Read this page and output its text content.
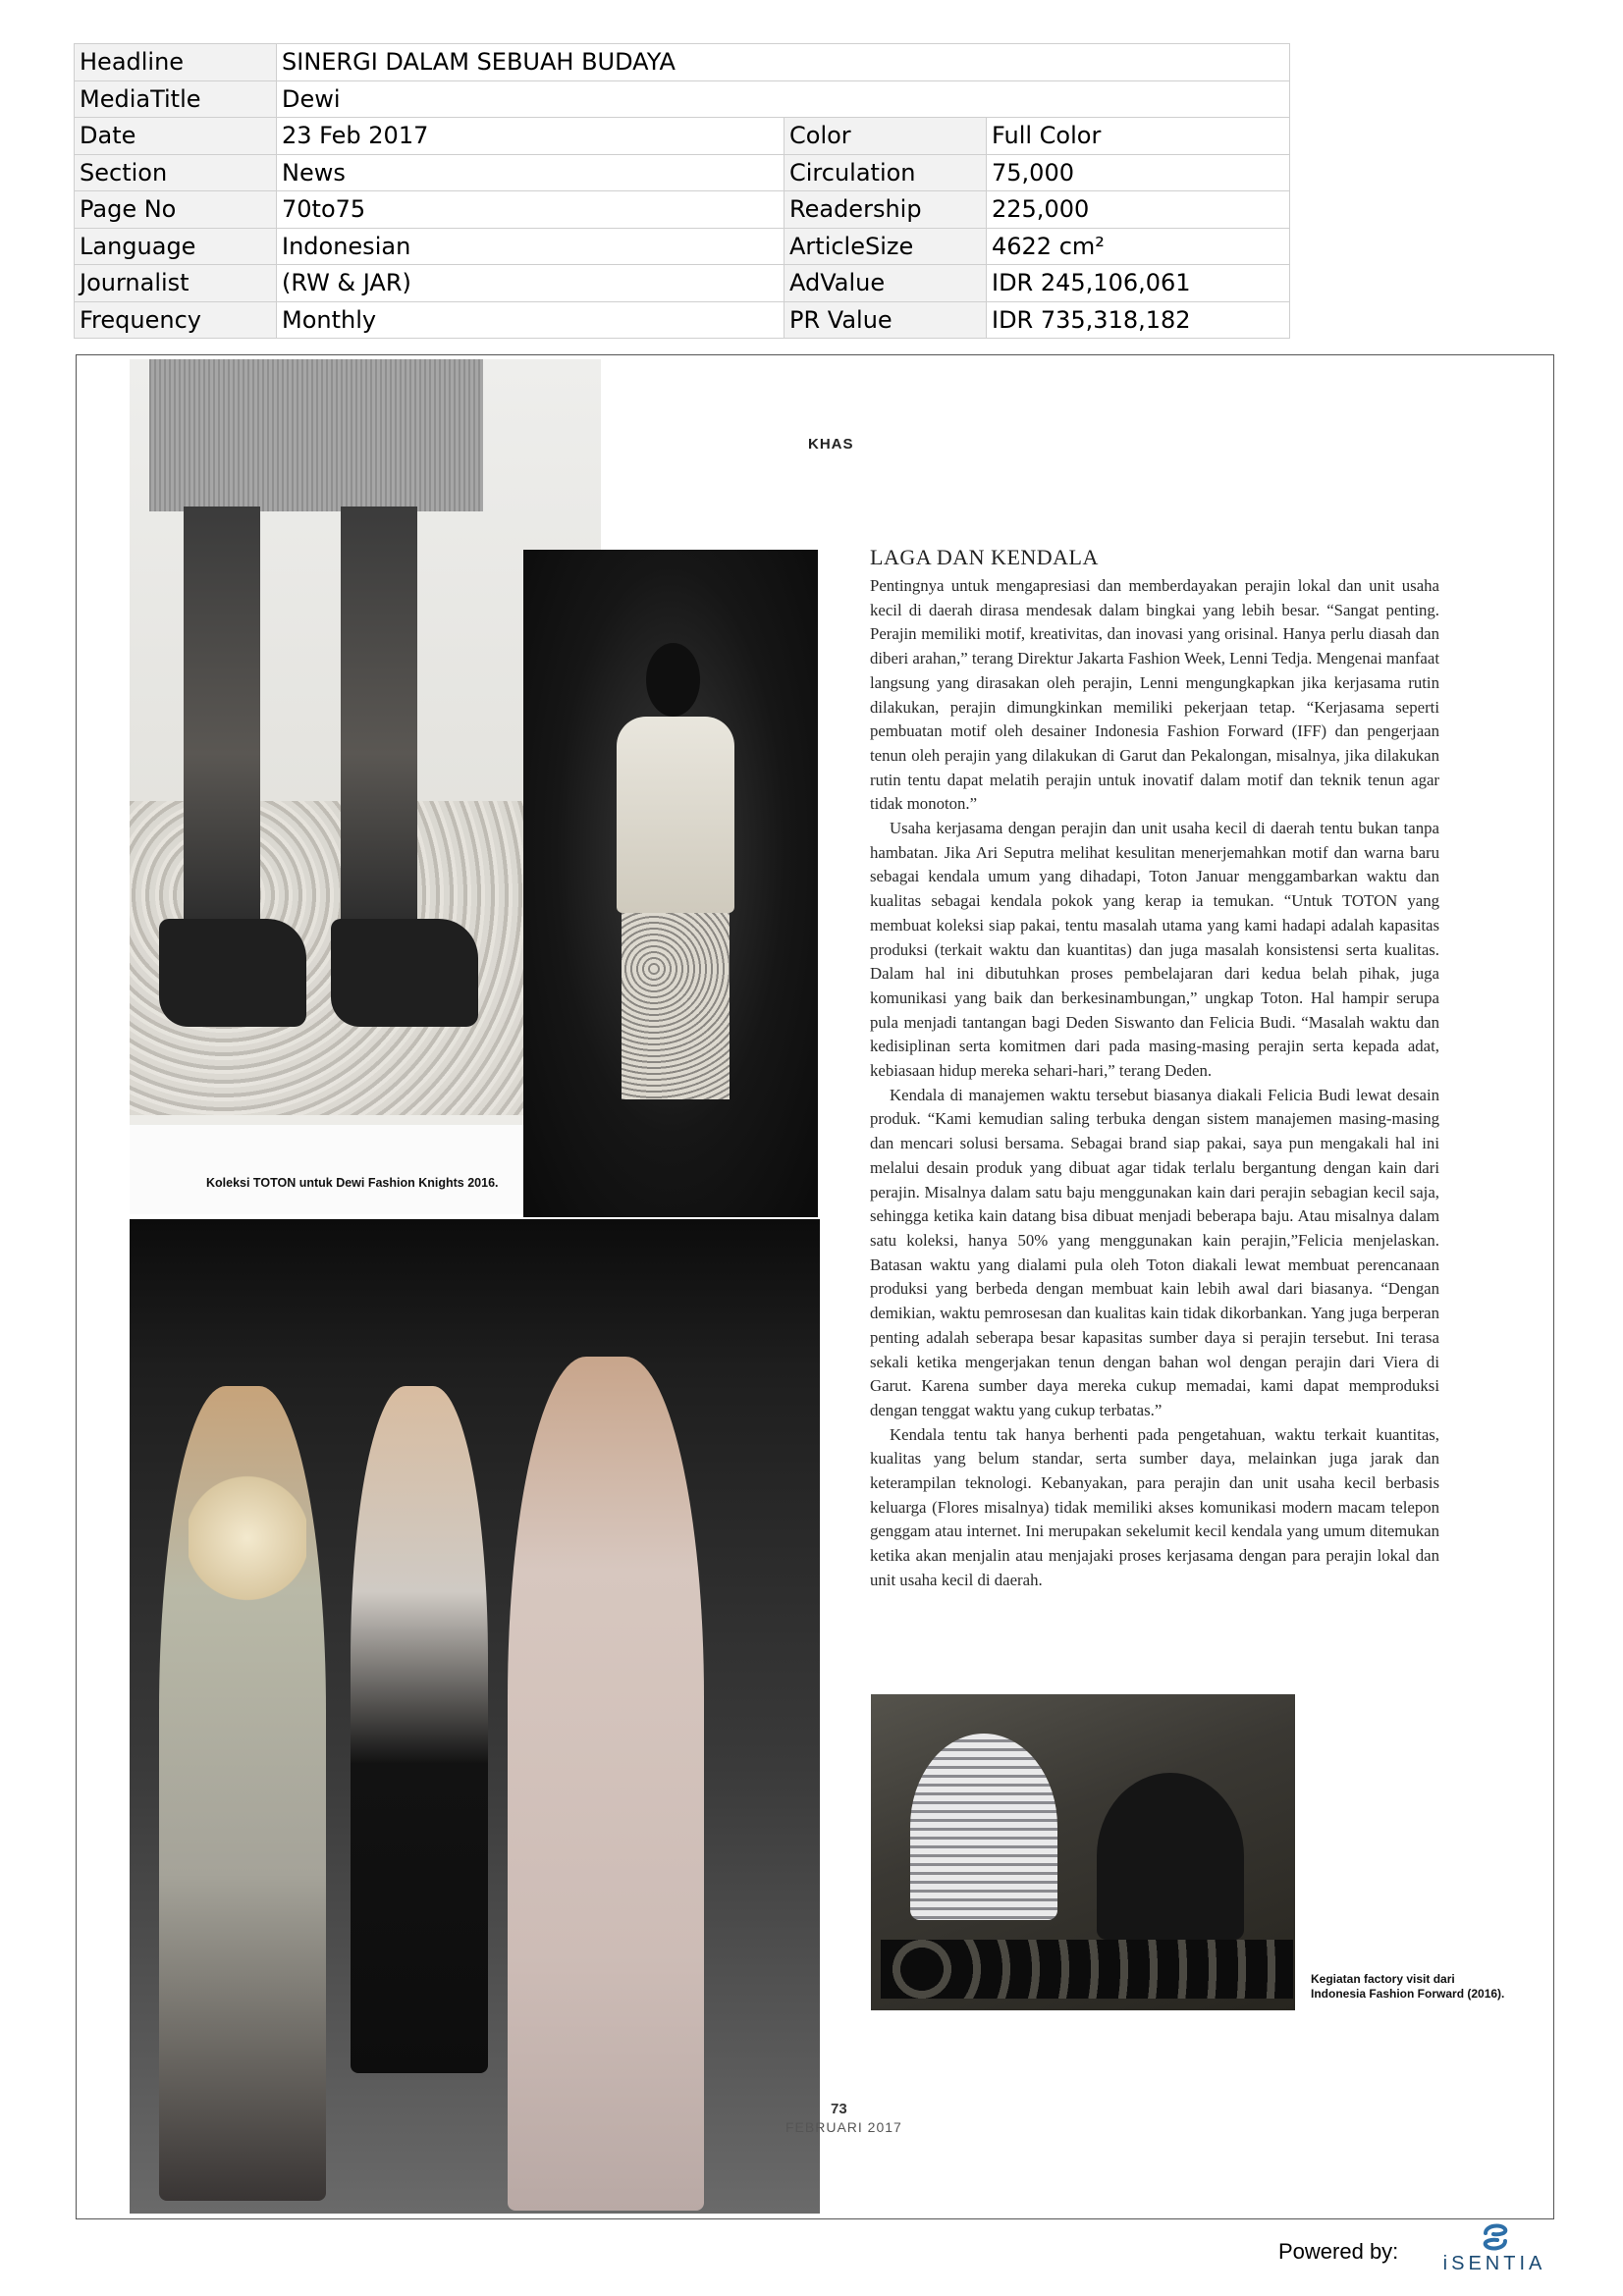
Headline	SINERGI DALAM SEBUAH BUDAYA		
MediaTitle	Dewi		
Date	23 Feb 2017	Color	Full Color
Section	News	Circulation	75,000
Page No	70to75	Readership	225,000
Language	Indonesian	ArticleSize	4622 cm²
Journalist	(RW & JAR)	AdValue	IDR 245,106,061
Frequency	Monthly	PR Value	IDR 735,318,182
Koleksi TOTON untuk Dewi Fashion Knights 2016.
KHAS
LAGA DAN KENDALA

Pentingnya untuk mengapresiasi dan memberdayakan perajin lokal dan unit usaha kecil di daerah dirasa mendesak dalam bingkai yang lebih besar. “Sangat penting. Perajin memiliki motif, kreativitas, dan inovasi yang orisinal. Hanya perlu diasah dan diberi arahan,” terang Direktur Jakarta Fashion Week, Lenni Tedja. Mengenai manfaat langsung yang dirasakan oleh perajin, Lenni mengungkapkan jika kerjasama rutin dilakukan, perajin dimungkinkan memiliki pekerjaan tetap. “Kerjasama seperti pembuatan motif oleh desainer Indonesia Fashion Forward (IFF) dan pengerjaan tenun oleh perajin yang dilakukan di Garut dan Pekalongan, misalnya, jika dilakukan rutin tentu dapat melatih perajin untuk inovatif dalam motif dan teknik tenun agar tidak monoton.”

Usaha kerjasama dengan perajin dan unit usaha kecil di daerah tentu bukan tanpa hambatan. Jika Ari Seputra melihat kesulitan menerjemahkan motif dan warna baru sebagai kendala umum yang dihadapi, Toton Januar menggambarkan waktu dan kualitas sebagai kendala pokok yang kerap ia temukan. “Untuk TOTON yang membuat koleksi siap pakai, tentu masalah utama yang kami hadapi adalah kapasitas produksi (terkait waktu dan kuantitas) dan juga masalah konsistensi serta kualitas. Dalam hal ini dibutuhkan proses pembelajaran dari kedua belah pihak, juga komunikasi yang baik dan berkesinambungan,” ungkap Toton. Hal hampir serupa pula menjadi tantangan bagi Deden Siswanto dan Felicia Budi. “Masalah waktu dan kedisiplinan serta komitmen dari pada masing-masing perajin serta kepada adat, kebiasaan hidup mereka sehari-hari,” terang Deden.

Kendala di manajemen waktu tersebut biasanya diakali Felicia Budi lewat desain produk. “Kami kemudian saling terbuka dengan sistem manajemen masing-masing dan mencari solusi bersama. Sebagai brand siap pakai, saya pun mengakali hal ini melalui desain produk yang dibuat agar tidak terlalu bergantung dengan kain dari perajin. Misalnya dalam satu baju menggunakan kain dari perajin sebagian kecil saja, sehingga ketika kain datang bisa dibuat menjadi beberapa baju. Atau misalnya dalam satu koleksi, hanya 50% yang menggunakan kain perajin,”Felicia menjelaskan. Batasan waktu yang dialami pula oleh Toton diakali lewat membuat perencanaan produksi yang berbeda dengan membuat kain lebih awal dari biasanya. “Dengan demikian, waktu pemrosesan dan kualitas kain tidak dikorbankan. Yang juga berperan penting adalah seberapa besar kapasitas sumber daya si perajin tersebut. Ini terasa sekali ketika mengerjakan tenun dengan bahan wol dengan perajin dari Viera di Garut. Karena sumber daya mereka cukup memadai, kami dapat memproduksi dengan tenggat waktu yang cukup terbatas.”

Kendala tentu tak hanya berhenti pada pengetahuan, waktu terkait kuantitas, kualitas yang belum standar, serta sumber daya, melainkan juga jarak dan keterampilan teknologi. Kebanyakan, para perajin dan unit usaha kecil berbasis keluarga (Flores misalnya) tidak memiliki akses komunikasi modern macam telepon genggam atau internet. Ini merupakan sekelumit kecil kendala yang umum ditemukan ketika akan menjalin atau menjajaki proses kerjasama dengan para perajin lokal dan unit usaha kecil di daerah.

Kegiatan factory visit dari Indonesia Fashion Forward (2016).
73
FEBRUARI 2017
Powered by:	iSENTIA
